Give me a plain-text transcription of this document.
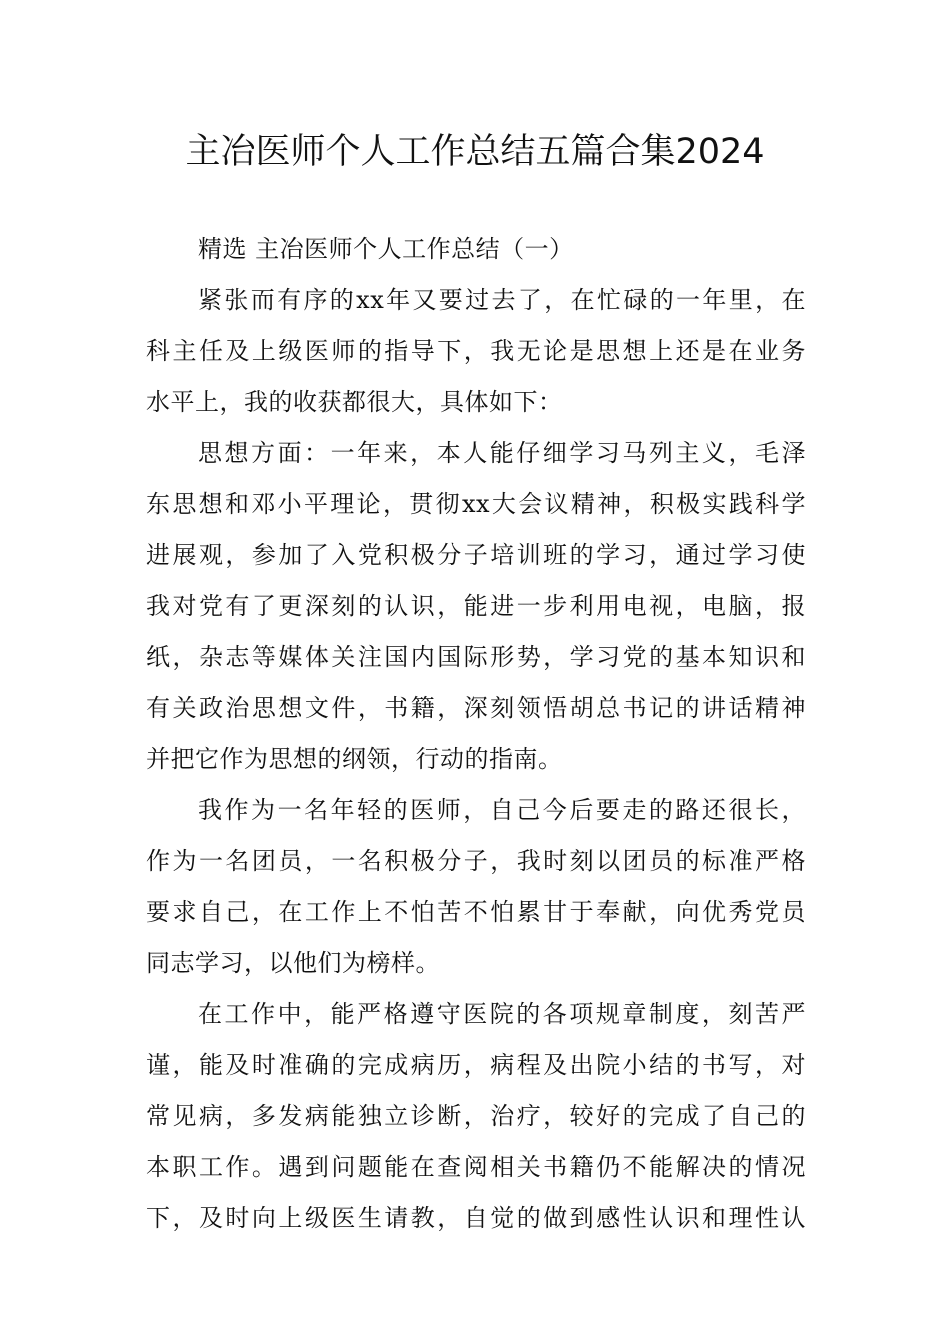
主冶医师个人工作总结五篇合集2024
精选 主冶医师个人工作总结（一）
紧张而有序的xx年又要过去了，在忙碌的一年里，在
科主任及上级医师的指导下，我无论是思想上还是在业务
水平上，我的收获都很大，具体如下：
思想方面：一年来，本人能仔细学习马列主义，毛泽
东思想和邓小平理论，贯彻xx大会议精神，积极实践科学
进展观，参加了入党积极分子培训班的学习，通过学习使
我对党有了更深刻的认识，能进一步利用电视，电脑，报
纸，杂志等媒体关注国内国际形势，学习党的基本知识和
有关政治思想文件，书籍，深刻领悟胡总书记的讲话精神
并把它作为思想的纲领，行动的指南。
我作为一名年轻的医师，自己今后要走的路还很长，
作为一名团员，一名积极分子，我时刻以团员的标准严格
要求自己，在工作上不怕苦不怕累甘于奉献，向优秀党员
同志学习，以他们为榜样。
在工作中，能严格遵守医院的各项规章制度，刻苦严
谨，能及时准确的完成病历，病程及出院小结的书写，对
常见病，多发病能独立诊断，治疗，较好的完成了自己的
本职工作。遇到问题能在查阅相关书籍仍不能解决的情况
下，及时向上级医生请教，自觉的做到感性认识和理性认
